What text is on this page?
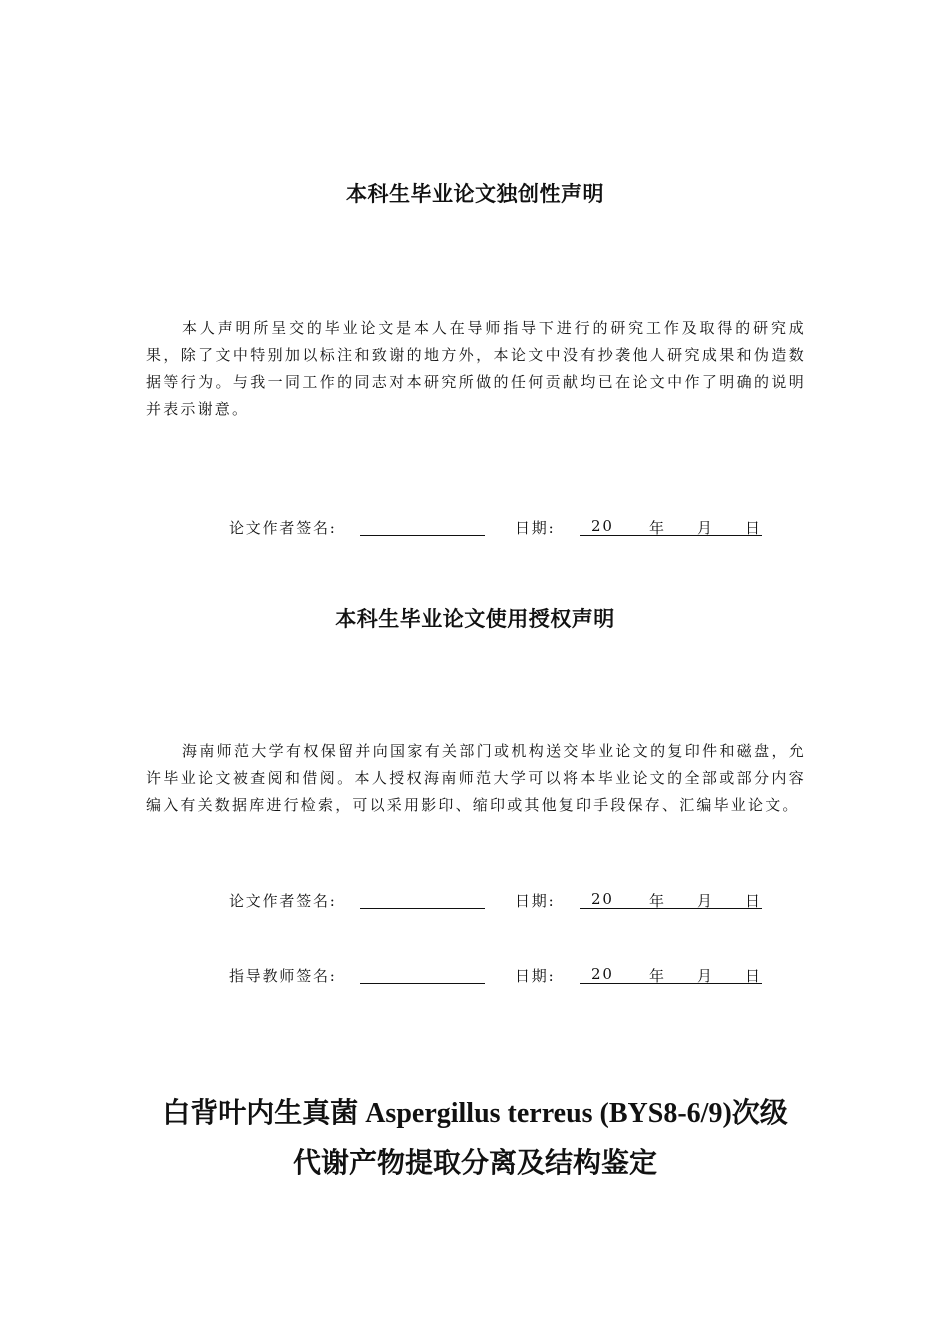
本科生毕业论文独创性声明
本人声明所呈交的毕业论文是本人在导师指导下进行的研究工作及取得的研究成果，除了文中特别加以标注和致谢的地方外，本论文中没有抄袭他人研究成果和伪造数据等行为。与我一同工作的同志对本研究所做的任何贡献均已在论文中作了明确的说明并表示谢意。
论文作者签名:	日期: 20 年 月 日
本科生毕业论文使用授权声明
海南师范大学有权保留并向国家有关部门或机构送交毕业论文的复印件和磁盘，允许毕业论文被查阅和借阅。本人授权海南师范大学可以将本毕业论文的全部或部分内容编入有关数据库进行检索，可以采用影印、缩印或其他复印手段保存、汇编毕业论文。
论文作者签名:	日期: 20 年 月 日
指导教师签名:	日期: 20 年 月 日
白背叶内生真菌 Aspergillus terreus (BYS8-6/9)次级
代谢产物提取分离及结构鉴定
